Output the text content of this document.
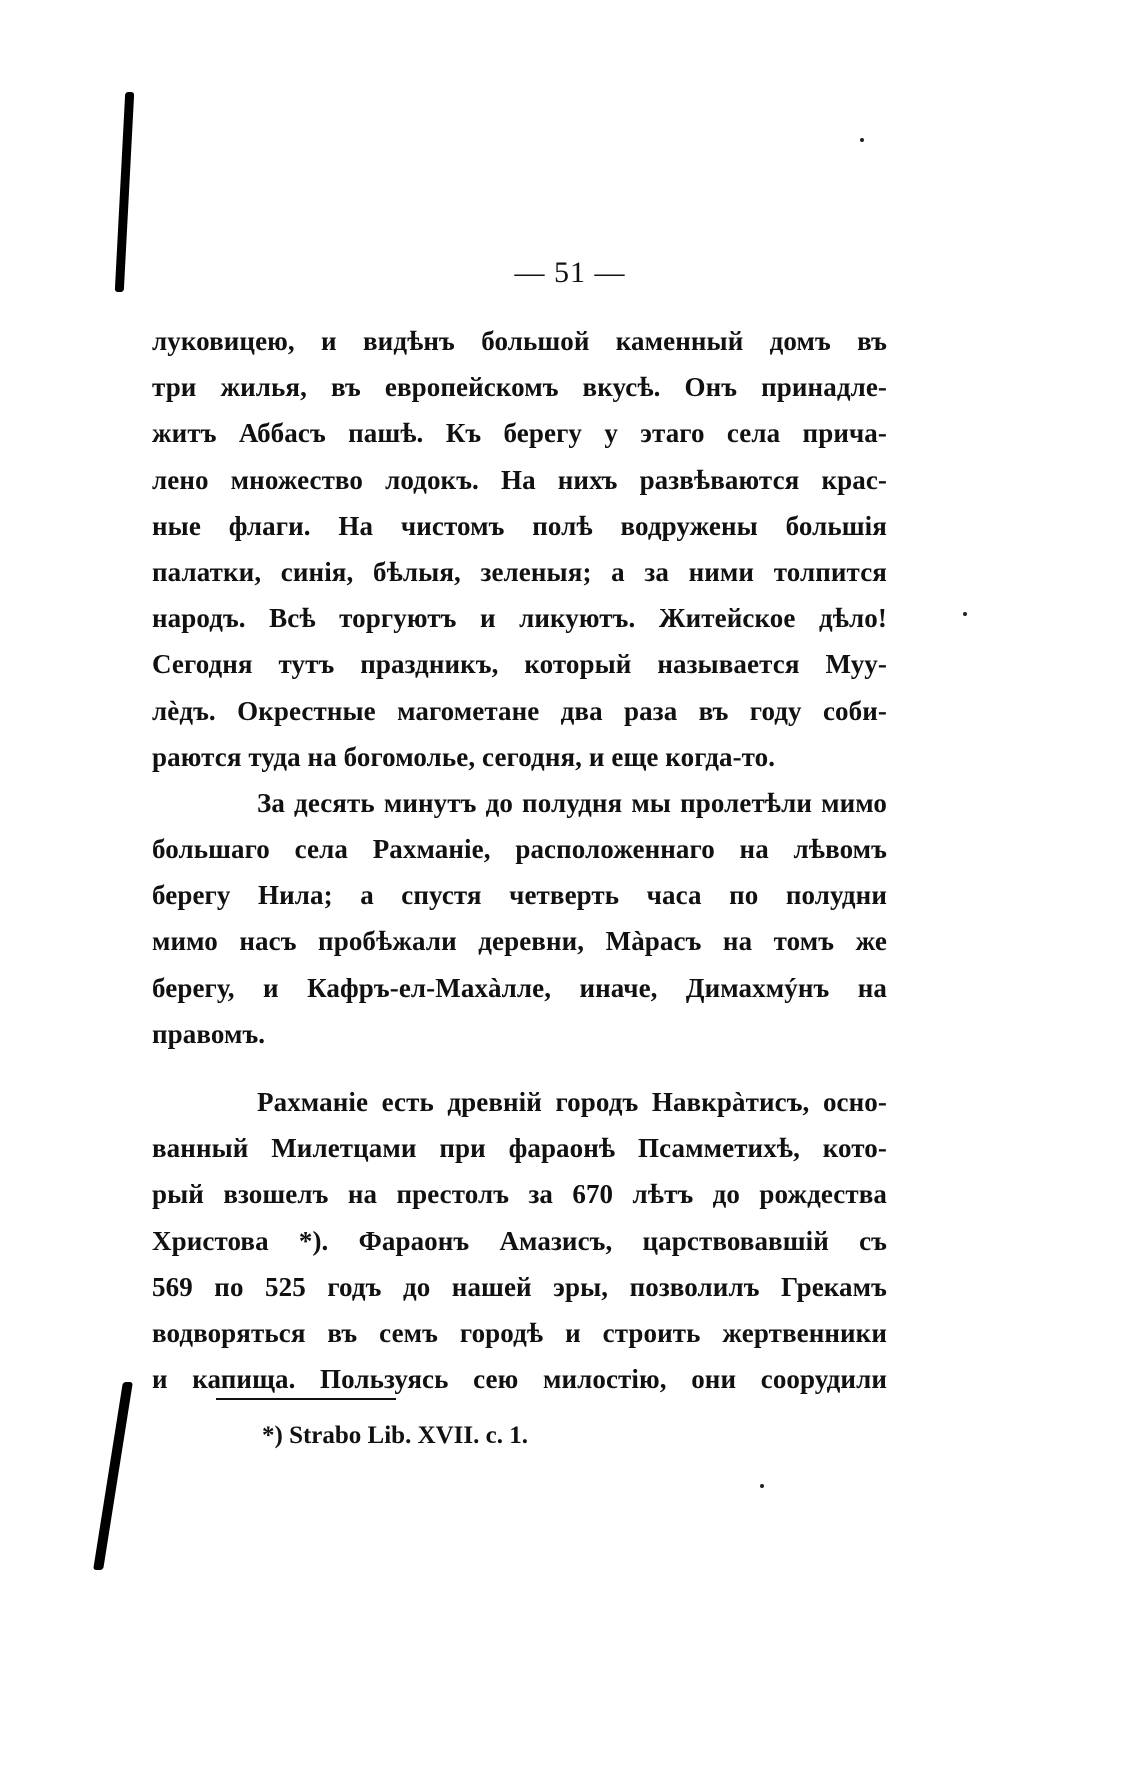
— 51 —
луковицею, и видѣнъ большой каменный домъ въ
три жилья, въ европейскомъ вкусѣ. Онъ принадле-
житъ Аббасъ пашѣ. Къ берегу у этаго села прича-
лено множество лодокъ. На нихъ развѣваются крас-
ные флаги. На чистомъ полѣ водружены большія
палатки, синія, бѣлыя, зеленыя; а за ними толпится
народъ. Всѣ торгуютъ и ликуютъ. Житейское дѣло!
Сегодня тутъ праздникъ, который называется Муу-
лѐдъ. Окрестные магометане два раза въ году соби-
раются туда на богомолье, сегодня, и еще когда-то.
За десять минутъ до полудня мы пролетѣли мимо
большаго села Рахманіе, расположеннаго на лѣвомъ
берегу Нила; а спустя четверть часа по полудни
мимо насъ пробѣжали деревни, Мàрасъ на томъ же
берегу, и Кафръ-ел-Махàлле, иначе, Димахмýнъ на
правомъ.
Рахманіе есть древній городъ Навкрàтисъ, осно-
ванный Милетцами при фараонѣ Псамметихѣ, кото-
рый взошелъ на престолъ за 670 лѣтъ до рождества
Христова *). Фараонъ Амазисъ, царствовавшій съ
569 по 525 годъ до нашей эры, позволилъ Грекамъ
водворяться въ семъ городѣ и строить жертвенники
и капища. Пользуясь сею милостію, они соорудили
*) Strabo Lib. XVII. c. 1.
